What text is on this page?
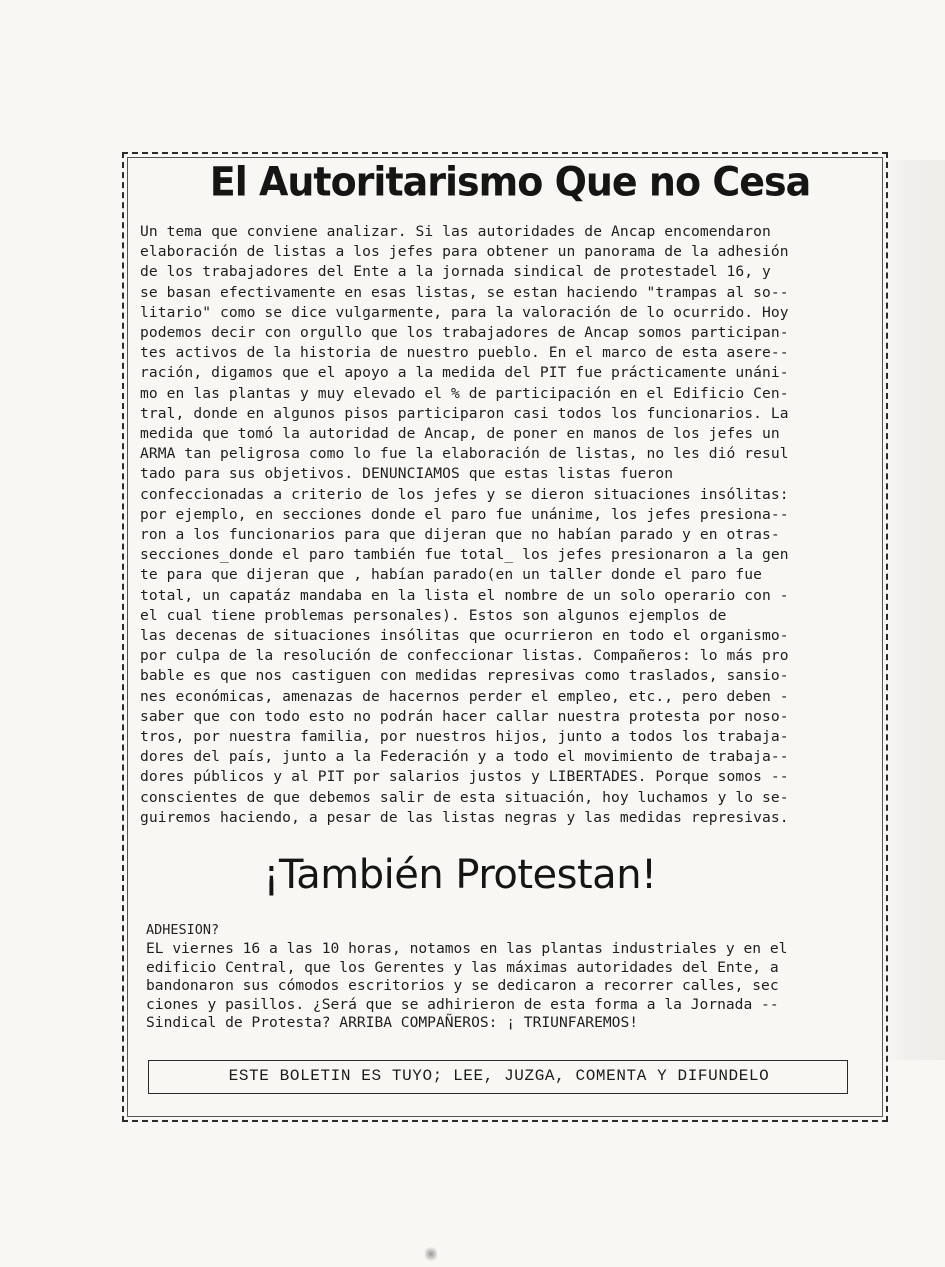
El Autoritarismo Que no Cesa
Un tema que conviene analizar. Si las autoridades de Ancap encomendaron
elaboración de listas a los jefes para obtener un panorama de la adhesión
de los trabajadores del Ente a la jornada sindical de protestadel 16, y
se basan efectivamente en esas listas, se estan haciendo "trampas al so--
litario" como se dice vulgarmente, para la valoración de lo ocurrido. Hoy
podemos decir con orgullo que los trabajadores de Ancap somos participan-
tes activos de la historia de nuestro pueblo. En el marco de esta asere--
ración, digamos que el apoyo a la medida del PIT fue prácticamente unáni-
mo en las plantas y muy elevado el % de participación en el Edificio Cen-
tral, donde en algunos pisos participaron casi todos los funcionarios. La
medida que tomó la autoridad de Ancap, de poner en manos de los jefes un
ARMA tan peligrosa como lo fue la elaboración de listas, no les dió resul
tado para sus objetivos. DENUNCIAMOS que estas listas fueron
confeccionadas a criterio de los jefes y se dieron situaciones insólitas:
por ejemplo, en secciones donde el paro fue unánime, los jefes presiona--
ron a los funcionarios para que dijeran que no habían parado y en otras-
secciones_donde el paro también fue total_ los jefes presionaron a la gen
te para que dijeran que , habían parado(en un taller donde el paro fue
total, un capatáz mandaba en la lista el nombre de un solo operario con -
el cual tiene problemas personales). Estos son algunos ejemplos de
las decenas de situaciones insólitas que ocurrieron en todo el organismo-
por culpa de la resolución de confeccionar listas. Compañeros: lo más pro
bable es que nos castiguen con medidas represivas como traslados, sansio-
nes económicas, amenazas de hacernos perder el empleo, etc., pero deben -
saber que con todo esto no podrán hacer callar nuestra protesta por noso-
tros, por nuestra familia, por nuestros hijos, junto a todos los trabaja-
dores del país, junto a la Federación y a todo el movimiento de trabaja--
dores públicos y al PIT por salarios justos y LIBERTADES. Porque somos --
conscientes de que debemos salir de esta situación, hoy luchamos y lo se-
guiremos haciendo, a pesar de las listas negras y las medidas represivas.
¡También Protestan!
ADHESION?
EL viernes 16 a las 10 horas, notamos en las plantas industriales y en el
edificio Central, que los Gerentes y las máximas autoridades del Ente, a
bandonaron sus cómodos escritorios y se dedicaron a recorrer calles, sec
ciones y pasillos. ¿Será que se adhirieron de esta forma a la Jornada --
Sindical de Protesta? ARRIBA COMPAÑEROS: ¡ TRIUNFAREMOS!
ESTE BOLETIN ES TUYO; LEE, JUZGA, COMENTA Y DIFUNDELO
